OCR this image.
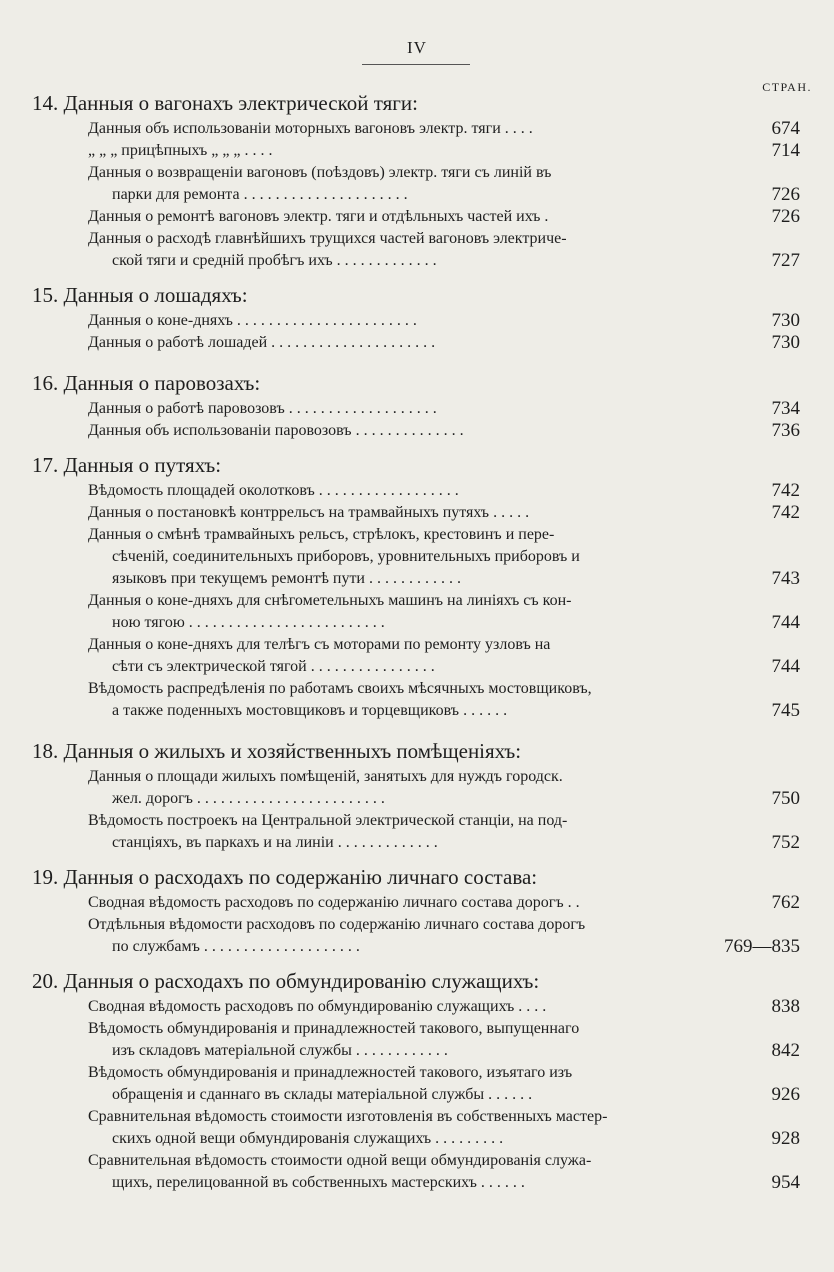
IV
СТРАН.
14. Данныя о вагонахъ электрической тяги:
Данныя объ использованіи моторныхъ вагоновъ электр. тяги . . . .	674
„ „ „ прицѣпныхъ „ „ „ . . . .	714
Данныя о возвращеніи вагоновъ (поѣздовъ) электр. тяги съ линій въ
парки для ремонта . . . . . . . . . . . . . . . . . . . . .	726
Данныя о ремонтѣ вагоновъ электр. тяги и отдѣльныхъ частей ихъ .	726
Данныя о расходѣ главнѣйшихъ трущихся частей вагоновъ электриче-
ской тяги и средній пробѣгъ ихъ . . . . . . . . . . . . .	727
15. Данныя о лошадяхъ:
Данныя о коне-дняхъ . . . . . . . . . . . . . . . . . . . . . . .	730
Данныя о работѣ лошадей . . . . . . . . . . . . . . . . . . . . .	730
16. Данныя о паровозахъ:
Данныя о работѣ паровозовъ . . . . . . . . . . . . . . . . . . .	734
Данныя объ использованіи паровозовъ . . . . . . . . . . . . . .	736
17. Данныя о путяхъ:
Вѣдомость площадей околотковъ . . . . . . . . . . . . . . . . . .	742
Данныя о постановкѣ контррельсъ на трамвайныхъ путяхъ . . . . .	742
Данныя о смѣнѣ трамвайныхъ рельсъ, стрѣлокъ, крестовинъ и пере-
сѣченій, соединительныхъ приборовъ, уровнительныхъ приборовъ и
языковъ при текущемъ ремонтѣ пути . . . . . . . . . . . .	743
Данныя о коне-дняхъ для снѣгометельныхъ машинъ на линіяхъ съ кон-
ною тягою . . . . . . . . . . . . . . . . . . . . . . . . .	744
Данныя о коне-дняхъ для телѣгъ съ моторами по ремонту узловъ на
сѣти съ электрической тягой . . . . . . . . . . . . . . . .	744
Вѣдомость распредѣленія по работамъ своихъ мѣсячныхъ мостовщиковъ,
а также поденныхъ мостовщиковъ и торцевщиковъ . . . . . .	745
18. Данныя о жилыхъ и хозяйственныхъ помѣщеніяхъ:
Данныя о площади жилыхъ помѣщеній, занятыхъ для нуждъ городск.
жел. дорогъ . . . . . . . . . . . . . . . . . . . . . . . .	750
Вѣдомость построекъ на Центральной электрической станціи, на под-
станціяхъ, въ паркахъ и на линіи . . . . . . . . . . . . .	752
19. Данныя о расходахъ по содержанію личнаго состава:
Сводная вѣдомость расходовъ по содержанію личнаго состава дорогъ . .	762
Отдѣльныя вѣдомости расходовъ по содержанію личнаго состава дорогъ
по службамъ . . . . . . . . . . . . . . . . . . . .	769—835
20. Данныя о расходахъ по обмундированію служащихъ:
Сводная вѣдомость расходовъ по обмундированію служащихъ . . . .	838
Вѣдомость обмундированія и принадлежностей такового, выпущеннаго
изъ складовъ матеріальной службы . . . . . . . . . . . .	842
Вѣдомость обмундированія и принадлежностей такового, изъятаго изъ
обращенія и сданнаго въ склады матеріальной службы . . . . . .	926
Сравнительная вѣдомость стоимости изготовленія въ собственныхъ мастер-
скихъ одной вещи обмундированія служащихъ . . . . . . . . .	928
Сравнительная вѣдомость стоимости одной вещи обмундированія служа-
щихъ, перелицованной въ собственныхъ мастерскихъ . . . . . .	954
